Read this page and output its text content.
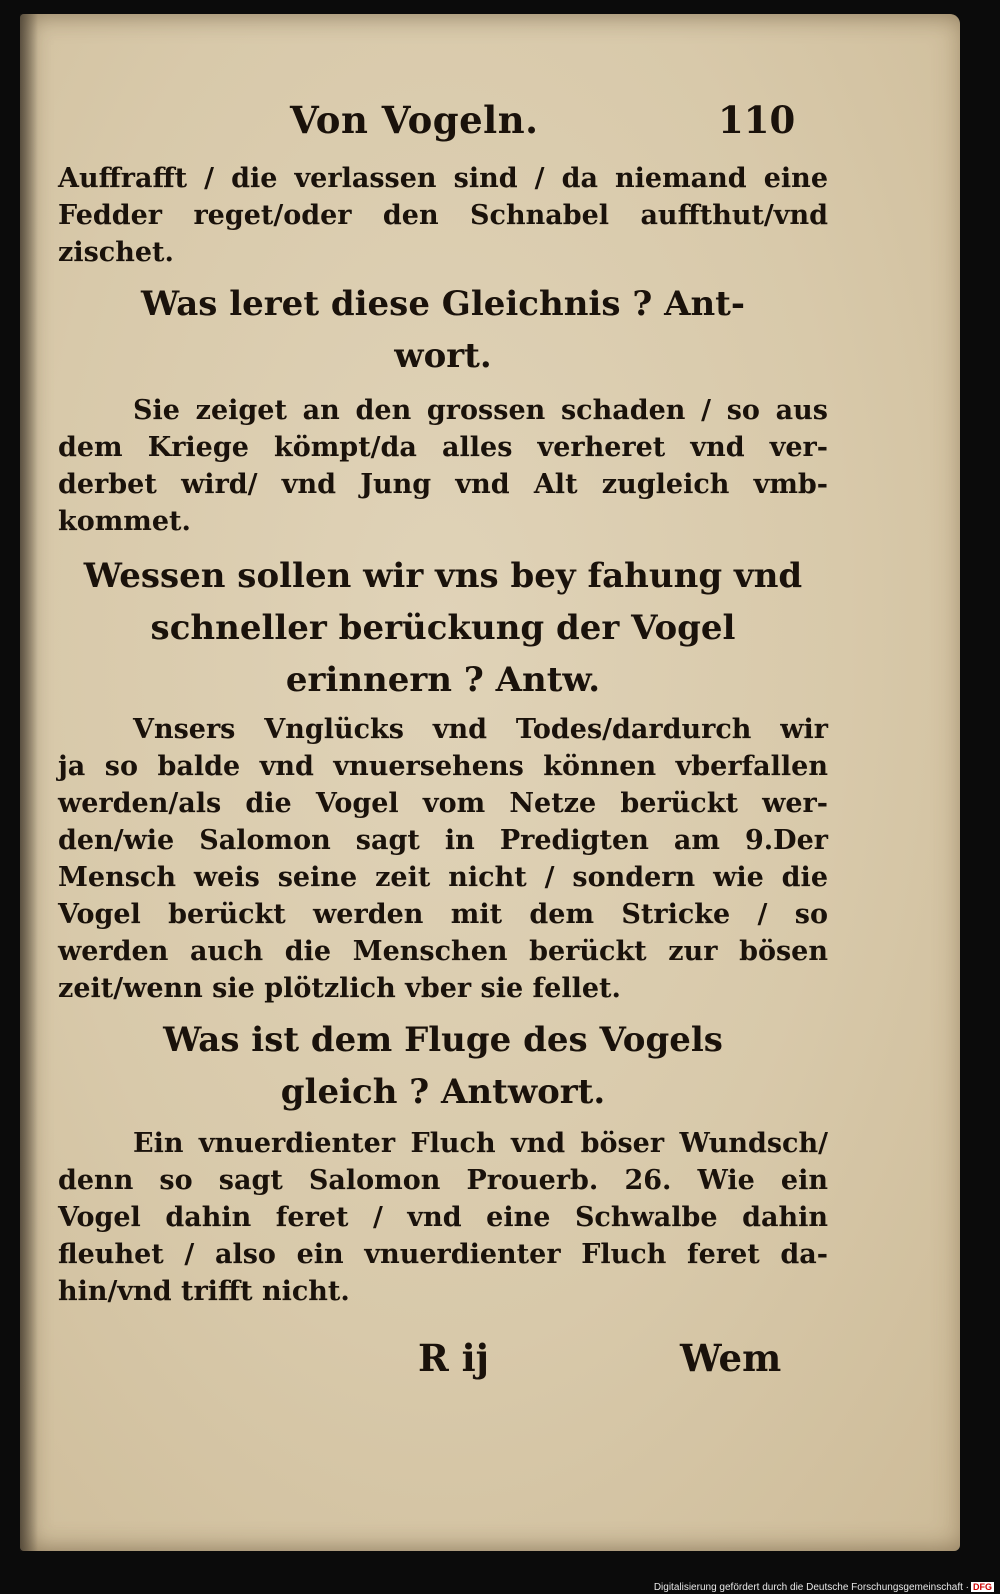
Von Vogeln.	110
Auffrafft / die verlassen sind / da niemand eine
Fedder reget/oder den Schnabel auffthut/vnd
zischet.
Was leret diese Gleichnis ? Ant-
wort.
Sie zeiget an den grossen schaden / so aus
dem Kriege kömpt/da alles verheret vnd ver-
derbet wird/ vnd Jung vnd Alt zugleich vmb-
kommet.
Wessen sollen wir vns bey fahung vnd
schneller berückung der Vogel
erinnern ? Antw.
Vnsers Vnglücks vnd Todes/dardurch wir
ja so balde vnd vnuersehens können vberfallen
werden/als die Vogel vom Netze berückt wer-
den/wie Salomon sagt in Predigten am 9.Der
Mensch weis seine zeit nicht / sondern wie die
Vogel berückt werden mit dem Stricke / so
werden auch die Menschen berückt zur bösen
zeit/wenn sie plötzlich vber sie fellet.
Was ist dem Fluge des Vogels
gleich ? Antwort.
Ein vnuerdienter Fluch vnd böser Wundsch/
denn so sagt Salomon Prouerb. 26. Wie ein
Vogel dahin feret / vnd eine Schwalbe dahin
fleuhet / also ein vnuerdienter Fluch feret da-
hin/vnd trifft nicht.
R ij	Wem
Digitalisierung gefördert durch die Deutsche Forschungsgemeinschaft · DFG
